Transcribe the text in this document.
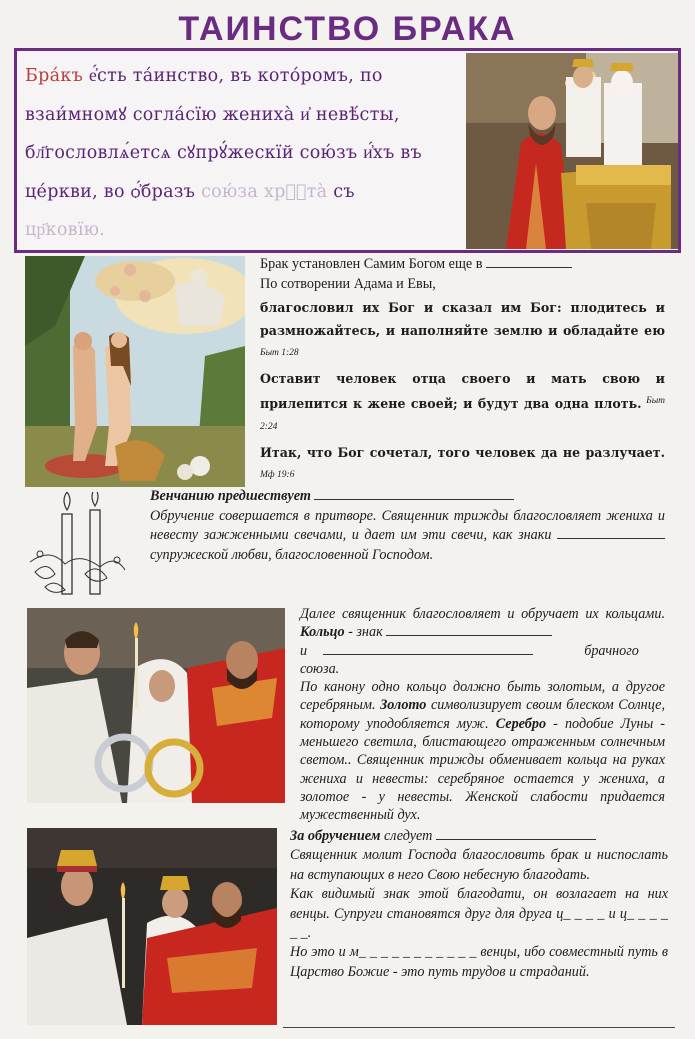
ТАИНСТВО БРАКА
Бра́къ е҆́сть та́инство, въ кото́ромъ, по
взаи́мномꙋ согла́сїю жениха̀ и҆ невѣ́сты,
бл҃гословлѧ́етсѧ сꙋпрꙋ́жескїй сою́зъ и҆́хъ въ
це́ркви, во ѻ҆́бразъ сою́за хрⷭ҇та̀ съ
цр҃ковїю.
Брак установлен Самим Богом еще в
По сотворении Адама и Евы,
благословил их Бог и сказал им Бог: плодитесь и размножайтесь, и наполняйте землю и обладайте ею $^{Быт 1:28}$
Оставит человек отца своего и мать свою и прилепится к жене своей; и будут два одна плоть. $^{Быт 2:24}$
Итак, что Бог сочетал, того человек да не разлучает. $^{Мф 19:6}$
Венчанию предшествует
Обручение совершается в притворе. Священник трижды благословляет жениха и невесту зажженными свечами, и дает им эти свечи, как знаки  супружеской любви, благословенной Господом.
Далее священник благословляет и обручает их кольцами. Кольцо - знак
и	брачного
союза.
По канону одно кольцо должно быть золотым, а другое серебряным. Золото символизирует своим блеском Солнце, которому уподобляется муж. Серебро - подобие Луны - меньшего светила, блистающего отраженным солнечным светом.. Священник трижды обменивает кольца на руках жениха и невесты: серебряное остается у жениха, а золотое - у невесты. Женской слабости придается мужественный дух.
За обручением следует
Священник молит Господа благословить брак и ниспослать на вступающих в него Свою небесную благодать.
Как видимый знак этой благодати, он возлагает на них венцы. Супруги становятся друг для друга ц_ _ _ _ и ц_ _ _ _ _ _.
Но это и м_ _ _ _ _ _ _ _ _ _ _ венцы, ибо совместный путь в Царство Божие - это путь трудов и страданий.
